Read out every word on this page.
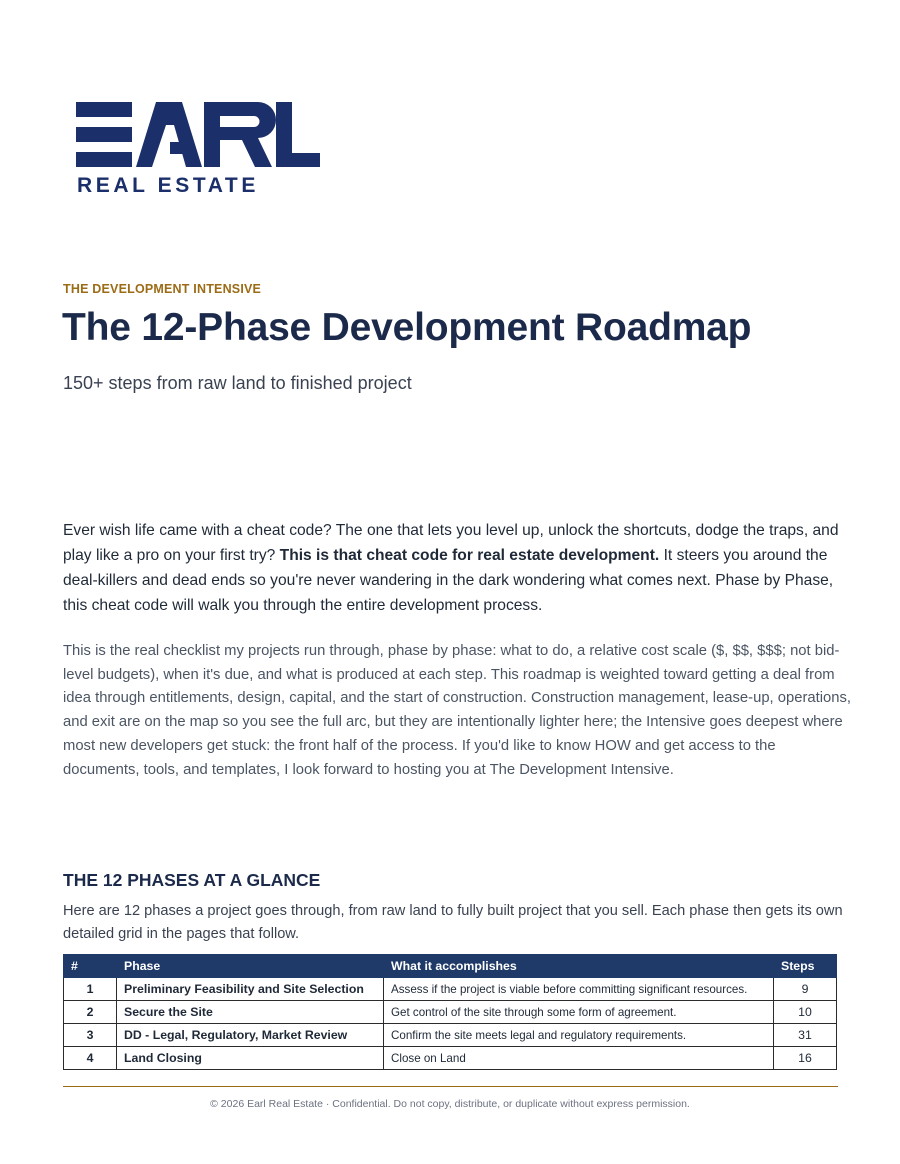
REAL ESTATE
THE DEVELOPMENT INTENSIVE
The 12-Phase Development Roadmap
150+ steps from raw land to finished project

Ever wish life came with a cheat code? The one that lets you level up, unlock the shortcuts, dodge the traps, and play like a pro on your first try? This is that cheat code for real estate development. It steers you around the deal-killers and dead ends so you're never wandering in the dark wondering what comes next. Phase by Phase, this cheat code will walk you through the entire development process.

This is the real checklist my projects run through, phase by phase: what to do, a relative cost scale ($, $$, $$$; not bid-level budgets), when it's due, and what is produced at each step. This roadmap is weighted toward getting a deal from idea through entitlements, design, capital, and the start of construction. Construction management, lease-up, operations, and exit are on the map so you see the full arc, but they are intentionally lighter here; the Intensive goes deepest where most new developers get stuck: the front half of the process. If you'd like to know HOW and get access to the documents, tools, and templates, I look forward to hosting you at The Development Intensive.

THE 12 PHASES AT A GLANCE

Here are 12 phases a project goes through, from raw land to fully built project that you sell. Each phase then gets its own detailed grid in the pages that follow.

#	Phase	What it accomplishes	Steps
1	Preliminary Feasibility and Site Selection	Assess if the project is viable before committing significant resources.	9
2	Secure the Site	Get control of the site through some form of agreement.	10
3	DD - Legal, Regulatory, Market Review	Confirm the site meets legal and regulatory requirements.	31
4	Land Closing	Close on Land	16
© 2026 Earl Real Estate · Confidential. Do not copy, distribute, or duplicate without express permission.
